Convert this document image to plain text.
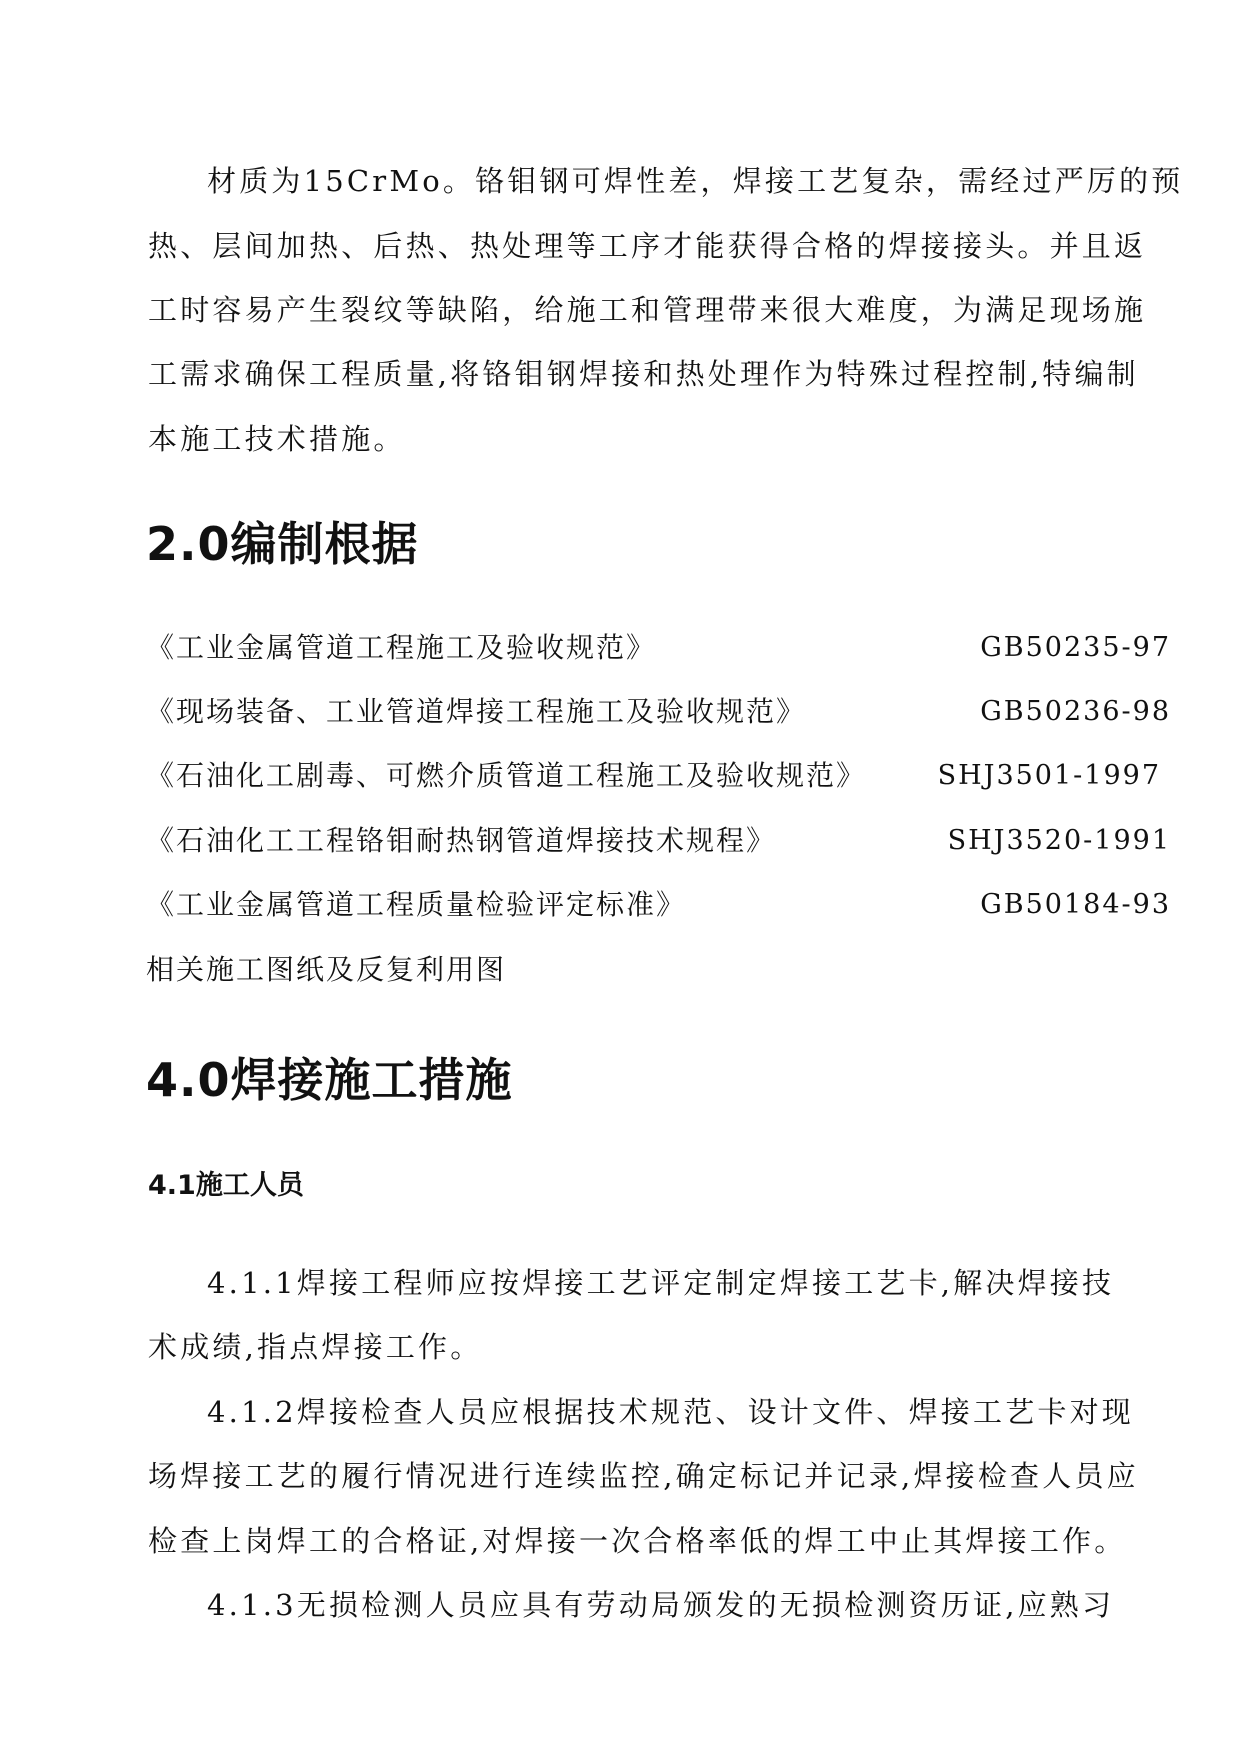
材质为15CrMo。铬钼钢可焊性差，焊接工艺复杂，需经过严厉的预
热、层间加热、后热、热处理等工序才能获得合格的焊接接头。并且返
工时容易产生裂纹等缺陷，给施工和管理带来很大难度，为满足现场施
工需求确保工程质量,将铬钼钢焊接和热处理作为特殊过程控制,特编制
本施工技术措施。
2.0编制根据
《工业金属管道工程施工及验收规范》	GB50235-97
《现场装备、工业管道焊接工程施工及验收规范》	GB50236-98
《石油化工剧毒、可燃介质管道工程施工及验收规范》	SHJ3501-1997
《石油化工工程铬钼耐热钢管道焊接技术规程》	SHJ3520-1991
《工业金属管道工程质量检验评定标准》	GB50184-93
相关施工图纸及反复利用图
4.0焊接施工措施
4.1施工人员
4.1.1焊接工程师应按焊接工艺评定制定焊接工艺卡,解决焊接技
术成绩,指点焊接工作。
4.1.2焊接检查人员应根据技术规范、设计文件、焊接工艺卡对现
场焊接工艺的履行情况进行连续监控,确定标记并记录,焊接检查人员应
检查上岗焊工的合格证,对焊接一次合格率低的焊工中止其焊接工作。
4.1.3无损检测人员应具有劳动局颁发的无损检测资历证,应熟习
